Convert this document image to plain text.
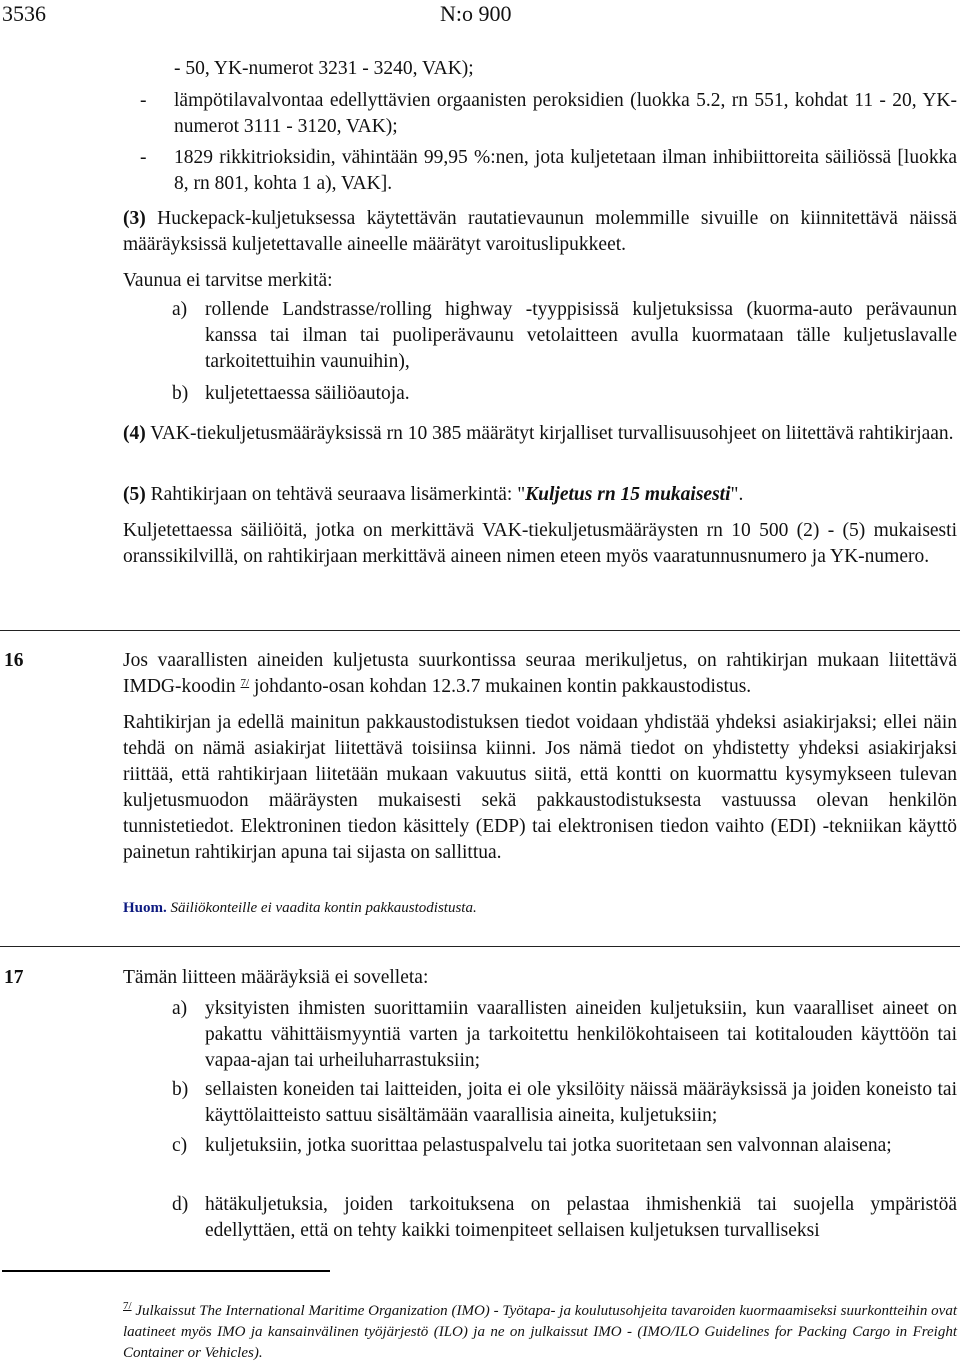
3536	N:o 900
- 50, YK-numerot 3231 - 3240, VAK);
- lämpötilavalvontaa edellyttävien orgaanisten peroksidien (luokka 5.2, rn 551, kohdat 11 - 20, YK-numerot 3111 - 3120, VAK);
- 1829 rikkitrioksidin, vähintään 99,95 %:nen, jota kuljetetaan ilman inhibiittoreita säiliössä [luokka 8, rn 801, kohta 1 a), VAK].
(3) Huckepack-kuljetuksessa käytettävän rautatievaunun molemmille sivuille on kiinnitettävä näissä määräyksissä kuljetettavalle aineelle määrätyt varoituslipukkeet.
Vaunua ei tarvitse merkitä:
a) rollende Landstrasse/rolling highway -tyyppisissä kuljetuksissa (kuorma-auto perävaunun kanssa tai ilman tai puoliperävaunu vetolaitteen avulla kuormataan tälle kuljetuslavalle tarkoitettuihin vaunuihin),
b) kuljetettaessa säiliöautoja.
(4) VAK-tiekuljetusmääräyksissä rn 10 385 määrätyt kirjalliset turvallisuusohjeet on liitettävä rahtikirjaan.
(5) Rahtikirjaan on tehtävä seuraava lisämerkintä: "Kuljetus rn 15 mukaisesti".
Kuljetettaessa säiliöitä, jotka on merkittävä VAK-tiekuljetusmääräysten rn 10 500 (2) - (5) mukaisesti oranssikilvillä, on rahtikirjaan merkittävä aineen nimen eteen myös vaaratunnusnumero ja YK-numero.
16	Jos vaarallisten aineiden kuljetusta suurkontissa seuraa merikuljetus, on rahtikirjan mukaan liitettävä IMDG-koodin $^{7/}$ johdanto-osan kohdan 12.3.7 mukainen kontin pakkaustodistus.
Rahtikirjan ja edellä mainitun pakkaustodistuksen tiedot voidaan yhdistää yhdeksi asiakirjaksi; ellei näin tehdä on nämä asiakirjat liitettävä toisiinsa kiinni. Jos nämä tiedot on yhdistetty yhdeksi asiakirjaksi riittää, että rahtikirjaan liitetään mukaan vakuutus siitä, että kontti on kuormattu kysymykseen tulevan kuljetusmuodon määräysten mukaisesti sekä pakkaustodistuksesta vastuussa olevan henkilön tunnistetiedot. Elektroninen tiedon käsittely (EDP) tai elektronisen tiedon vaihto (EDI) -tekniikan käyttö painetun rahtikirjan apuna tai sijasta on sallittua.
Huom. Säiliökonteille ei vaadita kontin pakkaustodistusta.
17	Tämän liitteen määräyksiä ei sovelleta:
a) yksityisten ihmisten suorittamiin vaarallisten aineiden kuljetuksiin, kun vaaralliset aineet on pakattu vähittäismyyntiä varten ja tarkoitettu henkilökohtaiseen tai kotitalouden käyttöön tai vapaa-ajan tai urheiluharrastuksiin;
b) sellaisten koneiden tai laitteiden, joita ei ole yksilöity näissä määräyksissä ja joiden koneisto tai käyttölaitteisto sattuu sisältämään vaarallisia aineita, kuljetuksiin;
c) kuljetuksiin, jotka suorittaa pelastuspalvelu tai jotka suoritetaan sen valvonnan alaisena;
d) hätäkuljetuksia, joiden tarkoituksena on pelastaa ihmishenkiä tai suojella ympäristöä edellyttäen, että on tehty kaikki toimenpiteet sellaisen kuljetuksen turvalliseksi
$^{7/}$ Julkaissut The International Maritime Organization (IMO) - Työtapa- ja koulutusohjeita tavaroiden kuormaamiseksi suurkontteihin ovat laatineet myös IMO ja kansainvälinen työjärjestö (ILO) ja ne on julkaissut IMO - (IMO/ILO Guidelines for Packing Cargo in Freight Container or Vehicles).
